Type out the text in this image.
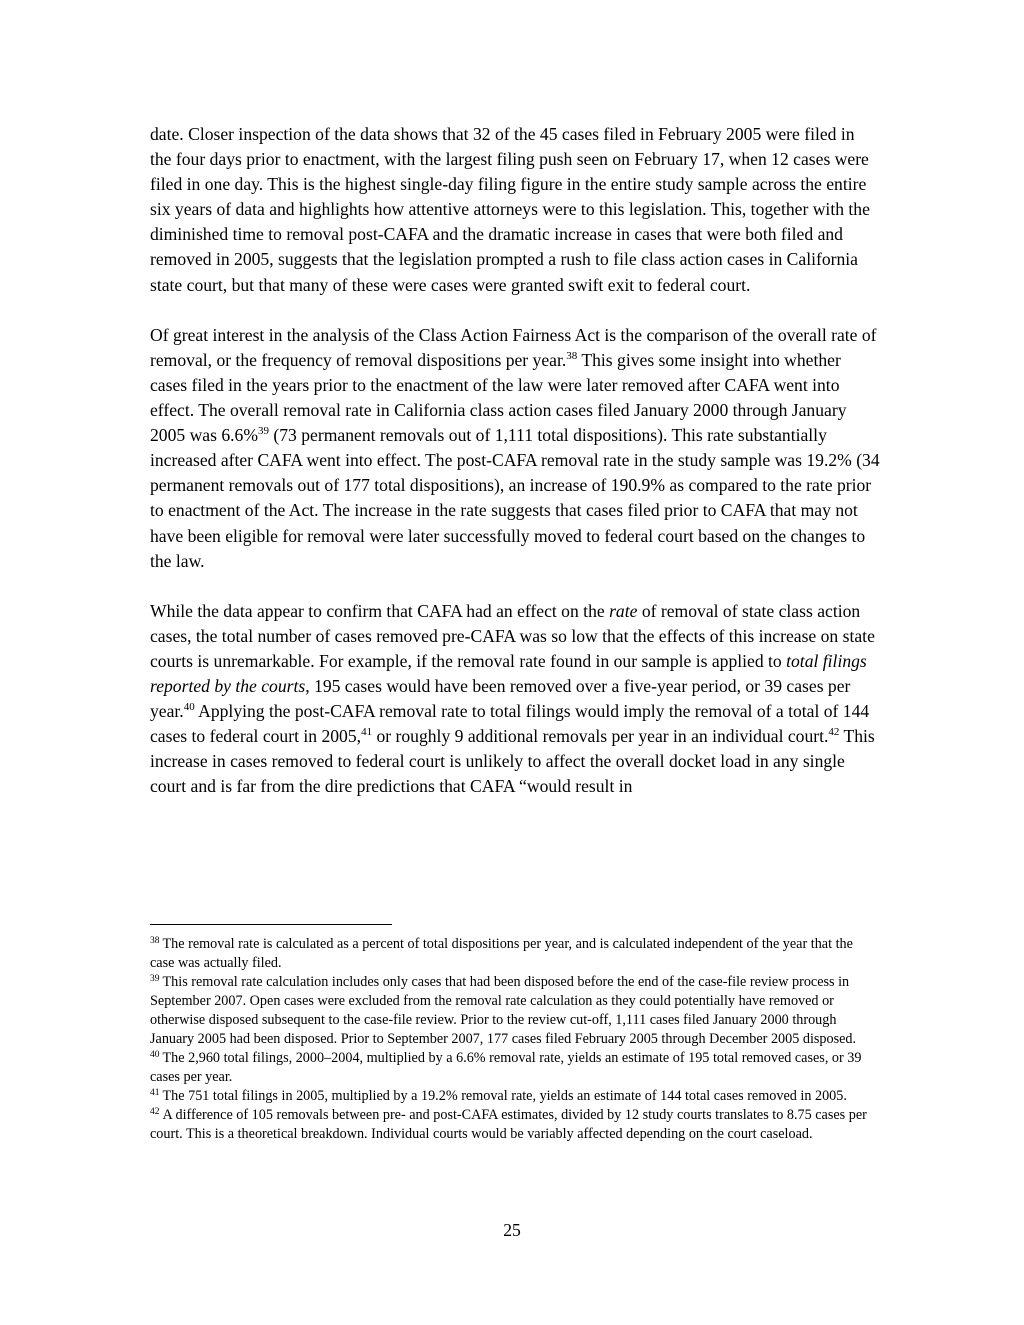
date. Closer inspection of the data shows that 32 of the 45 cases filed in February 2005 were filed in the four days prior to enactment, with the largest filing push seen on February 17, when 12 cases were filed in one day. This is the highest single-day filing figure in the entire study sample across the entire six years of data and highlights how attentive attorneys were to this legislation. This, together with the diminished time to removal post-CAFA and the dramatic increase in cases that were both filed and removed in 2005, suggests that the legislation prompted a rush to file class action cases in California state court, but that many of these were cases were granted swift exit to federal court.

Of great interest in the analysis of the Class Action Fairness Act is the comparison of the overall rate of removal, or the frequency of removal dispositions per year.$^{38}$ This gives some insight into whether cases filed in the years prior to the enactment of the law were later removed after CAFA went into effect. The overall removal rate in California class action cases filed January 2000 through January 2005 was 6.6%$^{39}$ (73 permanent removals out of 1,111 total dispositions). This rate substantially increased after CAFA went into effect. The post-CAFA removal rate in the study sample was 19.2% (34 permanent removals out of 177 total dispositions), an increase of 190.9% as compared to the rate prior to enactment of the Act. The increase in the rate suggests that cases filed prior to CAFA that may not have been eligible for removal were later successfully moved to federal court based on the changes to the law.

While the data appear to confirm that CAFA had an effect on the rate of removal of state class action cases, the total number of cases removed pre-CAFA was so low that the effects of this increase on state courts is unremarkable. For example, if the removal rate found in our sample is applied to total filings reported by the courts, 195 cases would have been removed over a five-year period, or 39 cases per year.$^{40}$ Applying the post-CAFA removal rate to total filings would imply the removal of a total of 144 cases to federal court in 2005,41 or roughly 9 additional removals per year in an individual court.$^{42}$ This increase in cases removed to federal court is unlikely to affect the overall docket load in any single court and is far from the dire predictions that CAFA “would result in

$^{38}$ The removal rate is calculated as a percent of total dispositions per year, and is calculated independent of the year that the case was actually filed.

$^{39}$ This removal rate calculation includes only cases that had been disposed before the end of the case-file review process in September 2007. Open cases were excluded from the removal rate calculation as they could potentially have removed or otherwise disposed subsequent to the case-file review. Prior to the review cut-off, 1,111 cases filed January 2000 through January 2005 had been disposed. Prior to September 2007, 177 cases filed February 2005 through December 2005 disposed.

$^{40}$ The 2,960 total filings, 2000–2004, multiplied by a 6.6% removal rate, yields an estimate of 195 total removed cases, or 39 cases per year.

$^{41}$ The 751 total filings in 2005, multiplied by a 19.2% removal rate, yields an estimate of 144 total cases removed in 2005.

$^{42}$ A difference of 105 removals between pre- and post-CAFA estimates, divided by 12 study courts translates to 8.75 cases per court. This is a theoretical breakdown. Individual courts would be variably affected depending on the court caseload.

25
